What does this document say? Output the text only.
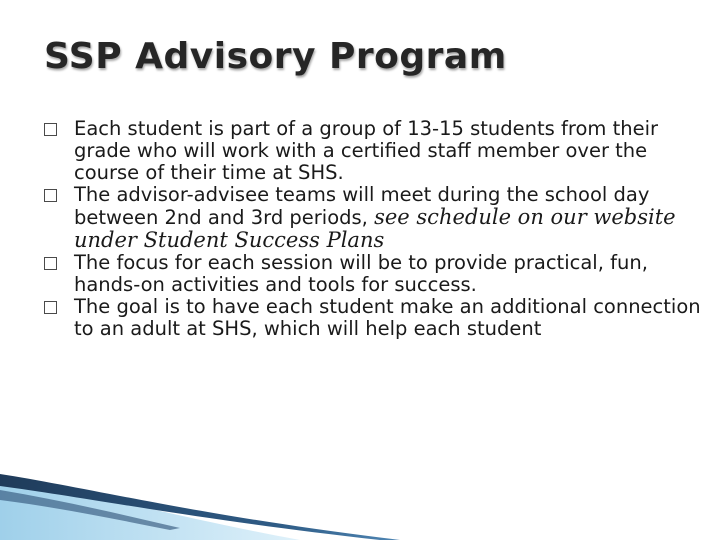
SSP Advisory Program
Each student is part of a group of 13-15 students from their grade who will work with a certified staff member over the course of their time at SHS.
The advisor-advisee teams will meet during the school day between 2nd and 3rd periods, see schedule on our website under Student Success Plans
The focus for each session will be to provide practical, fun, hands-on activities and tools for success.
The goal is to have each student make an additional connection to an adult at SHS, which will help each student
